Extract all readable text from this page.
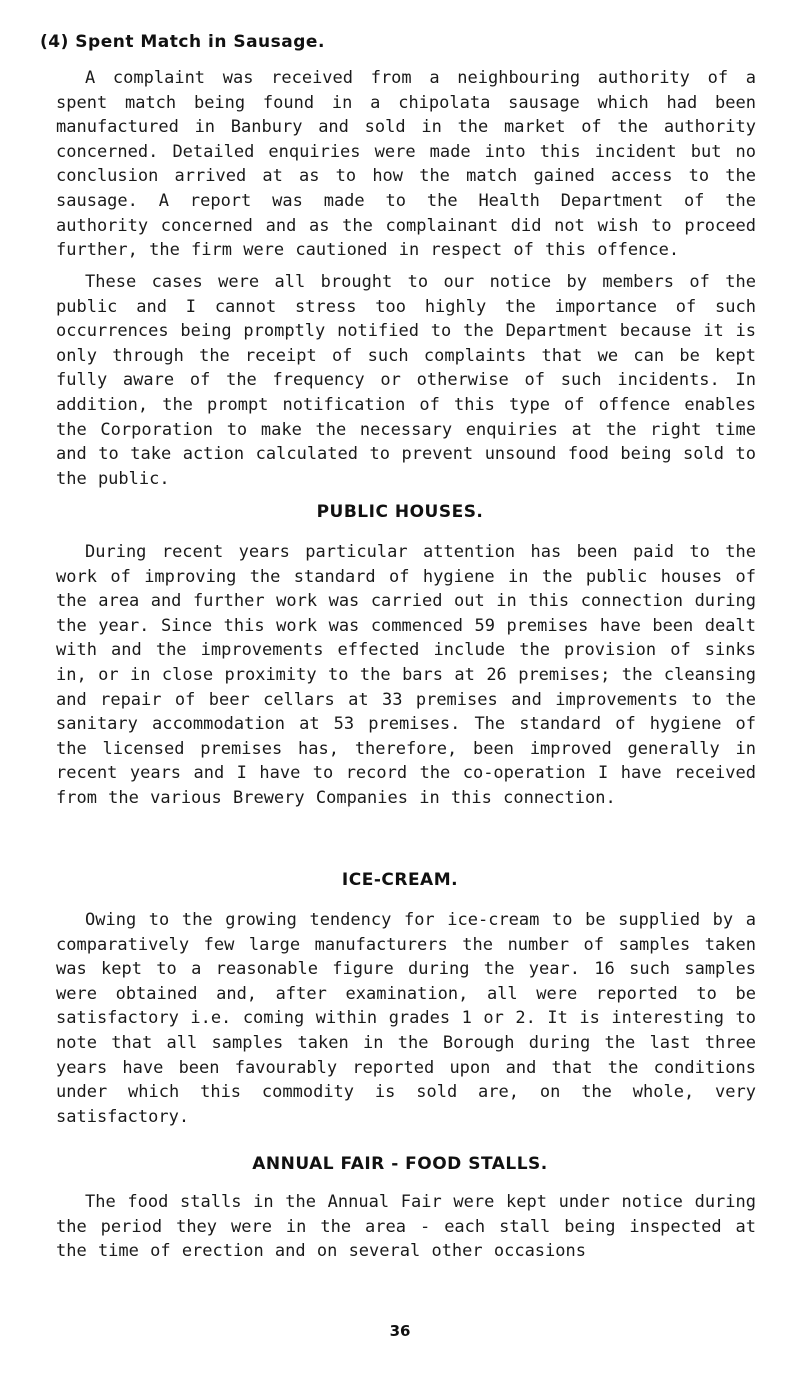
(4) Spent Match in Sausage.

A complaint was received from a neighbouring authority of a spent match being found in a chipolata sausage which had been manufactured in Banbury and sold in the market of the authority concerned. Detailed enquiries were made into this incident but no conclusion arrived at as to how the match gained access to the sausage. A report was made to the Health Department of the authority concerned and as the complainant did not wish to proceed further, the firm were cautioned in respect of this offence.

These cases were all brought to our notice by members of the public and I cannot stress too highly the importance of such occurrences being promptly notified to the Department because it is only through the receipt of such complaints that we can be kept fully aware of the frequency or otherwise of such incidents. In addition, the prompt notification of this type of offence enables the Corporation to make the necessary enquiries at the right time and to take action calculated to prevent unsound food being sold to the public.

PUBLIC HOUSES.

During recent years particular attention has been paid to the work of improving the standard of hygiene in the public houses of the area and further work was carried out in this connection during the year. Since this work was commenced 59 premises have been dealt with and the improvements effected include the provision of sinks in, or in close proximity to the bars at 26 premises; the cleansing and repair of beer cellars at 33 premises and improvements to the sanitary accommodation at 53 premises. The standard of hygiene of the licensed premises has, therefore, been improved generally in recent years and I have to record the co-operation I have received from the various Brewery Companies in this connection.

ICE-CREAM.

Owing to the growing tendency for ice-cream to be supplied by a comparatively few large manufacturers the number of samples taken was kept to a reasonable figure during the year. 16 such samples were obtained and, after examination, all were reported to be satisfactory i.e. coming within grades 1 or 2. It is interesting to note that all samples taken in the Borough during the last three years have been favourably reported upon and that the conditions under which this commodity is sold are, on the whole, very satisfactory.

ANNUAL FAIR - FOOD STALLS.

The food stalls in the Annual Fair were kept under notice during the period they were in the area - each stall being inspected at the time of erection and on several other occasions

36
